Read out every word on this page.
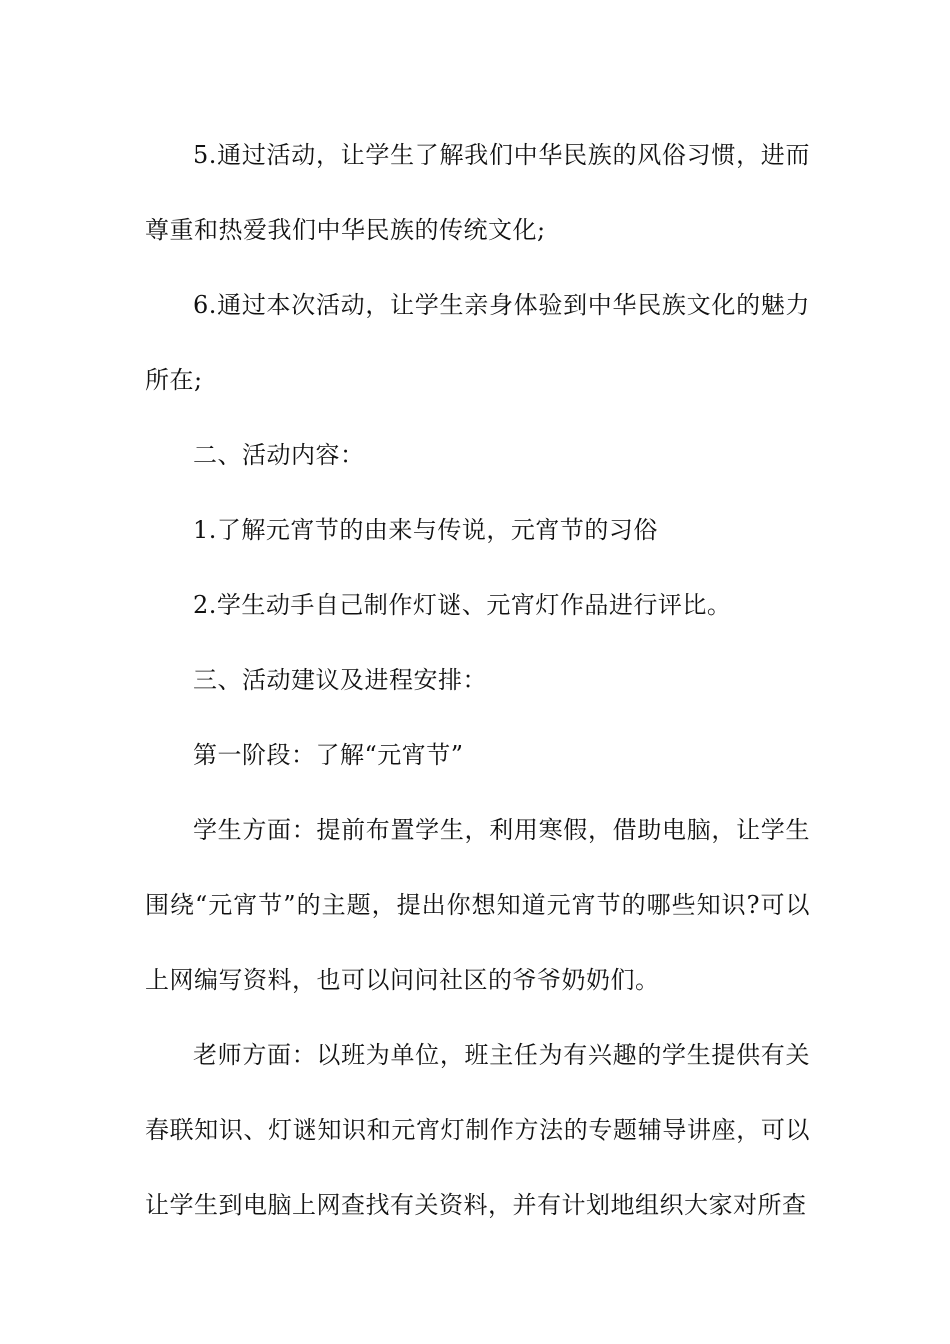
5.通过活动，让学生了解我们中华民族的风俗习惯，进而尊重和热爱我们中华民族的传统文化;

6.通过本次活动，让学生亲身体验到中华民族文化的魅力所在;

二、活动内容：

1.了解元宵节的由来与传说，元宵节的习俗

2.学生动手自己制作灯谜、元宵灯作品进行评比。

三、活动建议及进程安排：

第一阶段：了解“元宵节”

学生方面：提前布置学生，利用寒假，借助电脑，让学生围绕“元宵节”的主题，提出你想知道元宵节的哪些知识?可以上网编写资料，也可以问问社区的爷爷奶奶们。

老师方面：以班为单位，班主任为有兴趣的学生提供有关春联知识、灯谜知识和元宵灯制作方法的专题辅导讲座，可以让学生到电脑上网查找有关资料，并有计划地组织大家对所查
